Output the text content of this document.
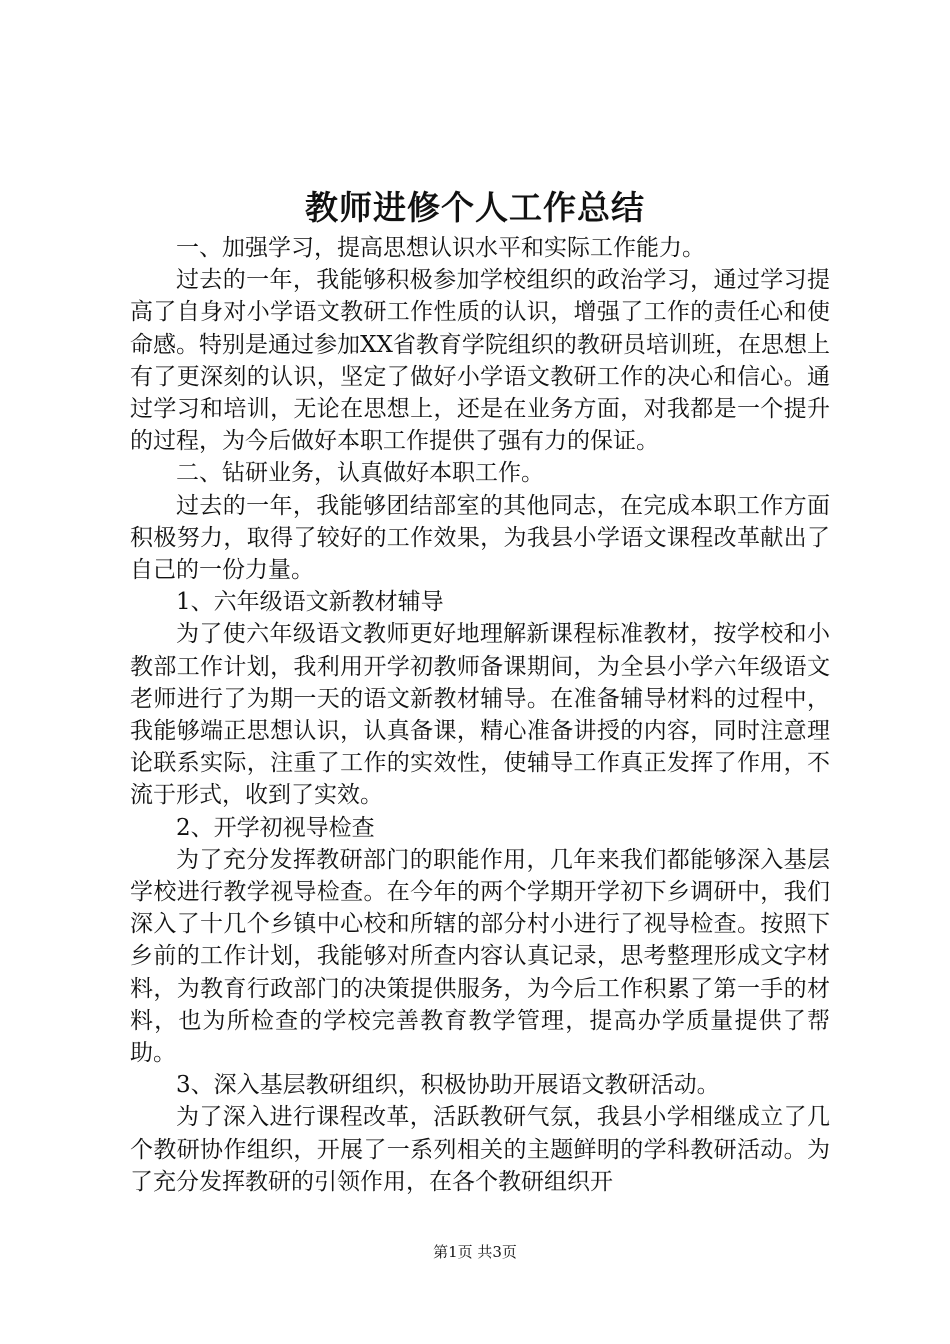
教师进修个人工作总结

一、加强学习，提高思想认识水平和实际工作能力。

过去的一年，我能够积极参加学校组织的政治学习，通过学习提高了自身对小学语文教研工作性质的认识，增强了工作的责任心和使命感。特别是通过参加XX省教育学院组织的教研员培训班，在思想上有了更深刻的认识，坚定了做好小学语文教研工作的决心和信心。通过学习和培训，无论在思想上，还是在业务方面，对我都是一个提升的过程，为今后做好本职工作提供了强有力的保证。

二、钻研业务，认真做好本职工作。

过去的一年，我能够团结部室的其他同志，在完成本职工作方面积极努力，取得了较好的工作效果，为我县小学语文课程改革献出了自己的一份力量。

1、六年级语文新教材辅导

为了使六年级语文教师更好地理解新课程标准教材，按学校和小教部工作计划，我利用开学初教师备课期间，为全县小学六年级语文老师进行了为期一天的语文新教材辅导。在准备辅导材料的过程中，我能够端正思想认识，认真备课，精心准备讲授的内容，同时注意理论联系实际，注重了工作的实效性，使辅导工作真正发挥了作用，不流于形式，收到了实效。

2、开学初视导检查

为了充分发挥教研部门的职能作用，几年来我们都能够深入基层学校进行教学视导检查。在今年的两个学期开学初下乡调研中，我们深入了十几个乡镇中心校和所辖的部分村小进行了视导检查。按照下乡前的工作计划，我能够对所查内容认真记录，思考整理形成文字材料，为教育行政部门的决策提供服务，为今后工作积累了第一手的材料，也为所检查的学校完善教育教学管理，提高办学质量提供了帮助。

3、深入基层教研组织，积极协助开展语文教研活动。

为了深入进行课程改革，活跃教研气氛，我县小学相继成立了几个教研协作组织，开展了一系列相关的主题鲜明的学科教研活动。为了充分发挥教研的引领作用，在各个教研组织开

第1页 共3页
